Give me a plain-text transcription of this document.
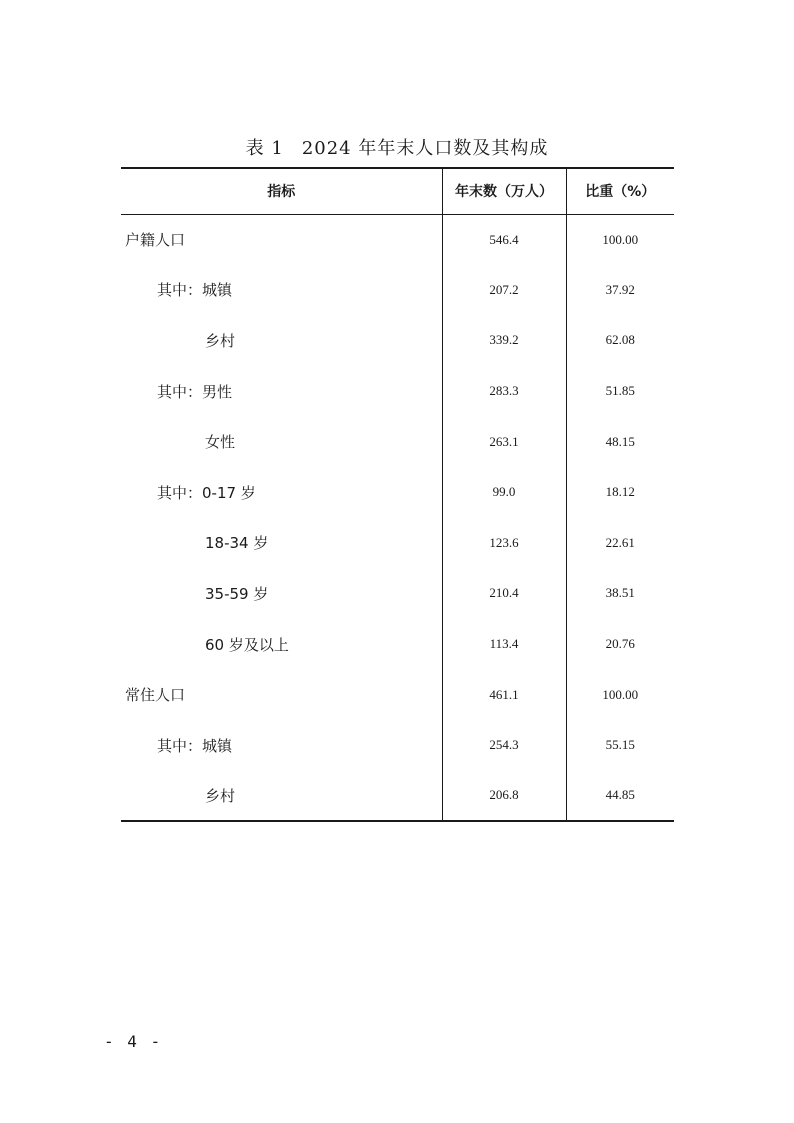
表 1 2024 年年末人口数及其构成
指标	年末数（万人）	比重（%）
户籍人口	546.4	100.00
其中：城镇	207.2	37.92
乡村	339.2	62.08
其中：男性	283.3	51.85
女性	263.1	48.15
其中：0-17 岁	99.0	18.12
18-34 岁	123.6	22.61
35-59 岁	210.4	38.51
60 岁及以上	113.4	20.76
常住人口	461.1	100.00
其中：城镇	254.3	55.15
乡村	206.8	44.85
- 4 -
